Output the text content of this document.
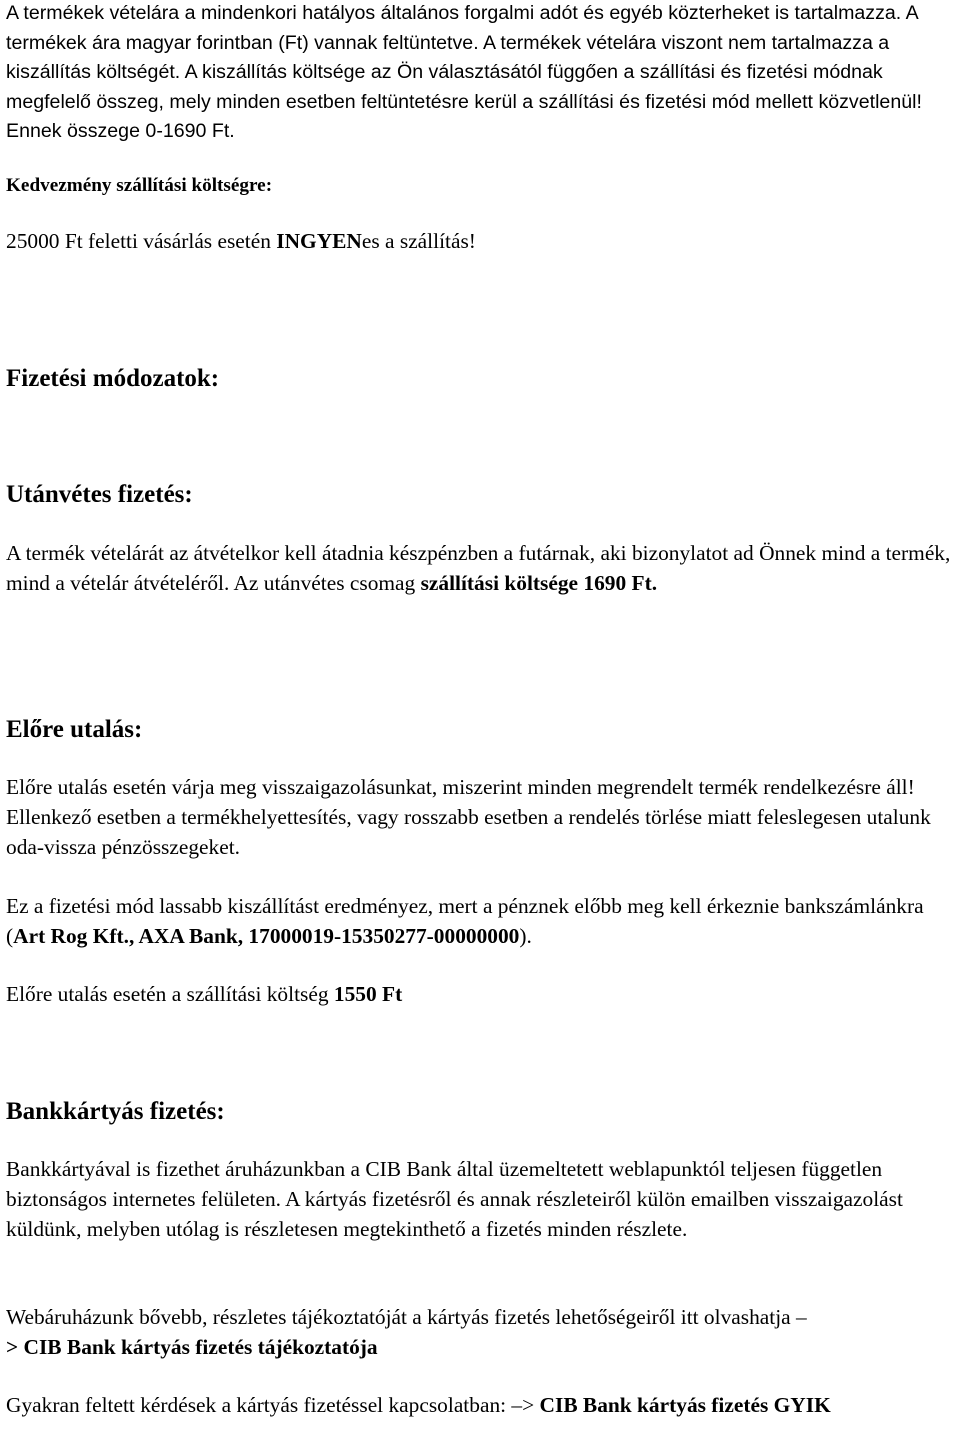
A termékek vételára a mindenkori hatályos általános forgalmi adót és egyéb közterheket is tartalmazza. A termékek ára magyar forintban (Ft) vannak feltüntetve. A termékek vételára viszont nem tartalmazza a kiszállítás költségét. A kiszállítás költsége az Ön választásától függően a szállítási és fizetési módnak megfelelő összeg, mely minden esetben feltüntetésre kerül a szállítási és fizetési mód mellett közvetlenül! Ennek összege 0-1690 Ft.

Kedvezmény szállítási költségre:

25000 Ft feletti vásárlás esetén INGYENes a szállítás!

Fizetési módozatok:

Utánvétes fizetés:

A termék vételárát az átvételkor kell átadnia készpénzben a futárnak, aki bizonylatot ad Önnek mind a termék, mind a vételár átvételéről. Az utánvétes csomag szállítási költsége 1690 Ft.

Előre utalás:

Előre utalás esetén várja meg visszaigazolásunkat, miszerint minden megrendelt termék rendelkezésre áll! Ellenkező esetben a termékhelyettesítés, vagy rosszabb esetben a rendelés törlése miatt feleslegesen utalunk oda-vissza pénzösszegeket.

Ez a fizetési mód lassabb kiszállítást eredményez, mert a pénznek előbb meg kell érkeznie bankszámlánkra (Art Rog Kft., AXA Bank, 17000019-15350277-00000000).

Előre utalás esetén a szállítási költség 1550 Ft

Bankkártyás fizetés:

Bankkártyával is fizethet áruházunkban a CIB Bank által üzemeltetett weblapunktól teljesen független biztonságos internetes felületen. A kártyás fizetésről és annak részleteiről külön emailben visszaigazolást küldünk, melyben utólag is részletesen megtekinthető a fizetés minden részlete.

Webáruházunk bővebb, részletes tájékoztatóját a kártyás fizetés lehetőségeiről itt olvashatja –
> CIB Bank kártyás fizetés tájékoztatója

Gyakran feltett kérdések a kártyás fizetéssel kapcsolatban: –> CIB Bank kártyás fizetés GYIK
